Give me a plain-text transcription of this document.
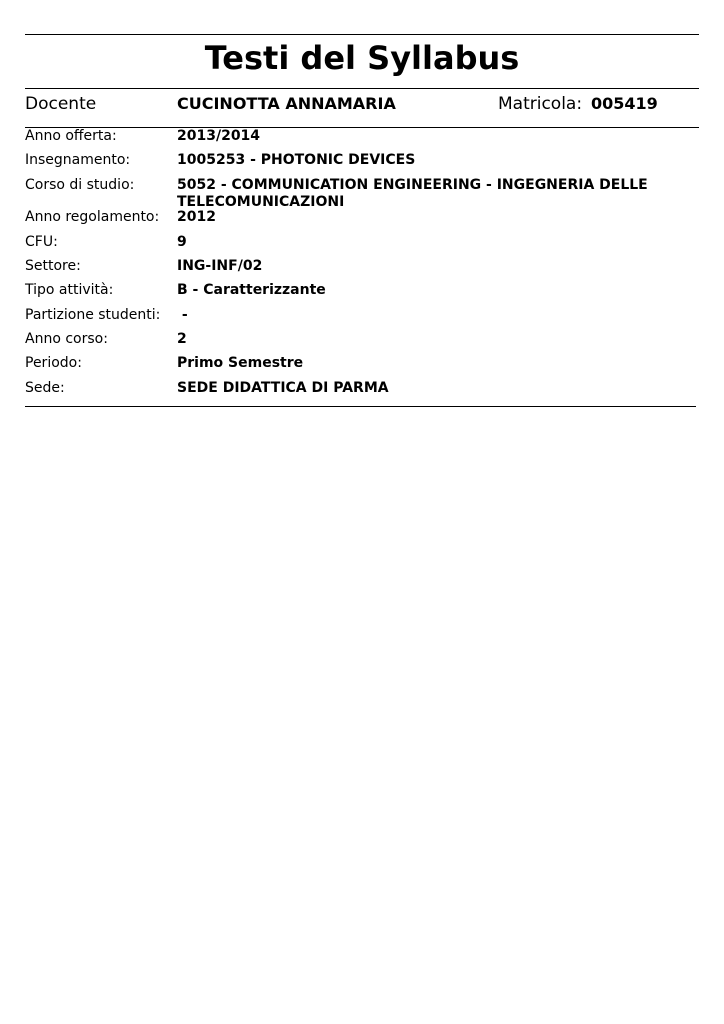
Testi del Syllabus
Docente	CUCINOTTA ANNAMARIA	Matricola: 005419
Anno offerta:	2013/2014
Insegnamento:	1005253 - PHOTONIC DEVICES
Corso di studio:	5052 - COMMUNICATION ENGINEERING - INGEGNERIA DELLE TELECOMUNICAZIONI
Anno regolamento: 2012
CFU:	9
Settore:	ING-INF/02
Tipo attività:	B - Caratterizzante
Partizione studenti: -
Anno corso:	2
Periodo:	Primo Semestre
Sede:	SEDE DIDATTICA DI PARMA
